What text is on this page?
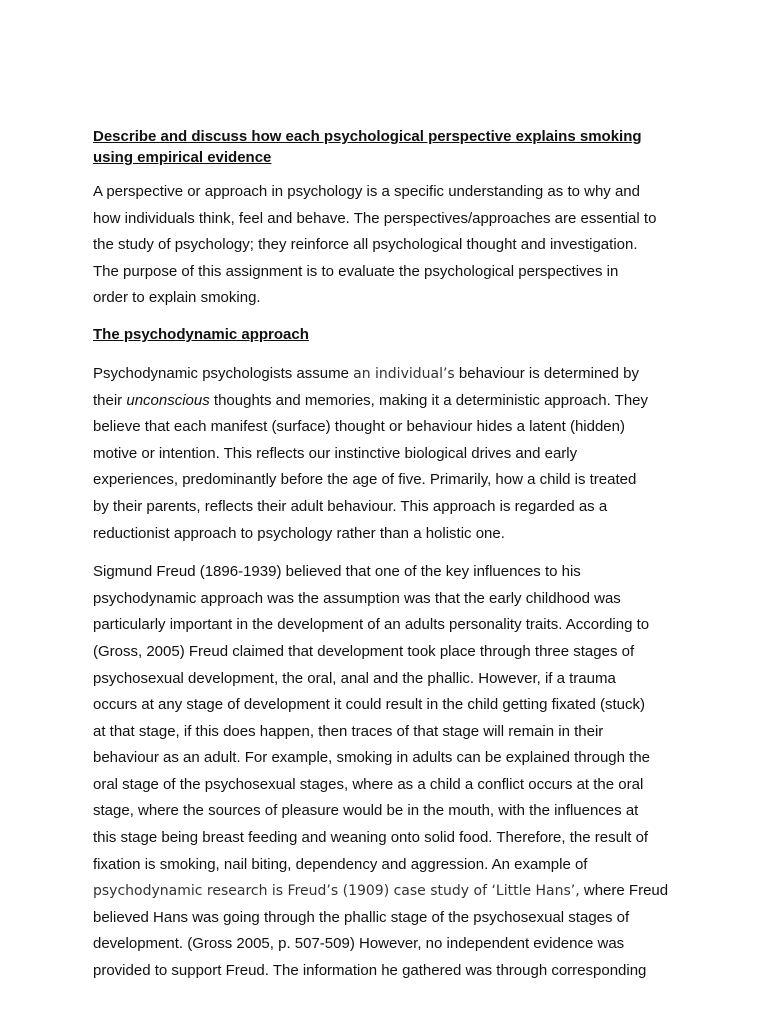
Describe and discuss how each psychological perspective explains smoking
using empirical evidence

A perspective or approach in psychology is a specific understanding as to why and
how individuals think, feel and behave. The perspectives/approaches are essential to
the study of psychology; they reinforce all psychological thought and investigation.
The purpose of this assignment is to evaluate the psychological perspectives in
order to explain smoking.

The psychodynamic approach

Psychodynamic psychologists assume an individual’s behaviour is determined by
their unconscious thoughts and memories, making it a deterministic approach. They
believe that each manifest (surface) thought or behaviour hides a latent (hidden)
motive or intention. This reflects our instinctive biological drives and early
experiences, predominantly before the age of five. Primarily, how a child is treated
by their parents, reflects their adult behaviour. This approach is regarded as a
reductionist approach to psychology rather than a holistic one.

Sigmund Freud (1896-1939) believed that one of the key influences to his
psychodynamic approach was the assumption was that the early childhood was
particularly important in the development of an adults personality traits. According to
(Gross, 2005) Freud claimed that development took place through three stages of
psychosexual development, the oral, anal and the phallic. However, if a trauma
occurs at any stage of development it could result in the child getting fixated (stuck)
at that stage, if this does happen, then traces of that stage will remain in their
behaviour as an adult. For example, smoking in adults can be explained through the
oral stage of the psychosexual stages, where as a child a conflict occurs at the oral
stage, where the sources of pleasure would be in the mouth, with the influences at
this stage being breast feeding and weaning onto solid food. Therefore, the result of
fixation is smoking, nail biting, dependency and aggression. An example of
psychodynamic research is Freud’s (1909) case study of ‘Little Hans’, where Freud
believed Hans was going through the phallic stage of the psychosexual stages of
development. (Gross 2005, p. 507-509) However, no independent evidence was
provided to support Freud. The information he gathered was through corresponding
